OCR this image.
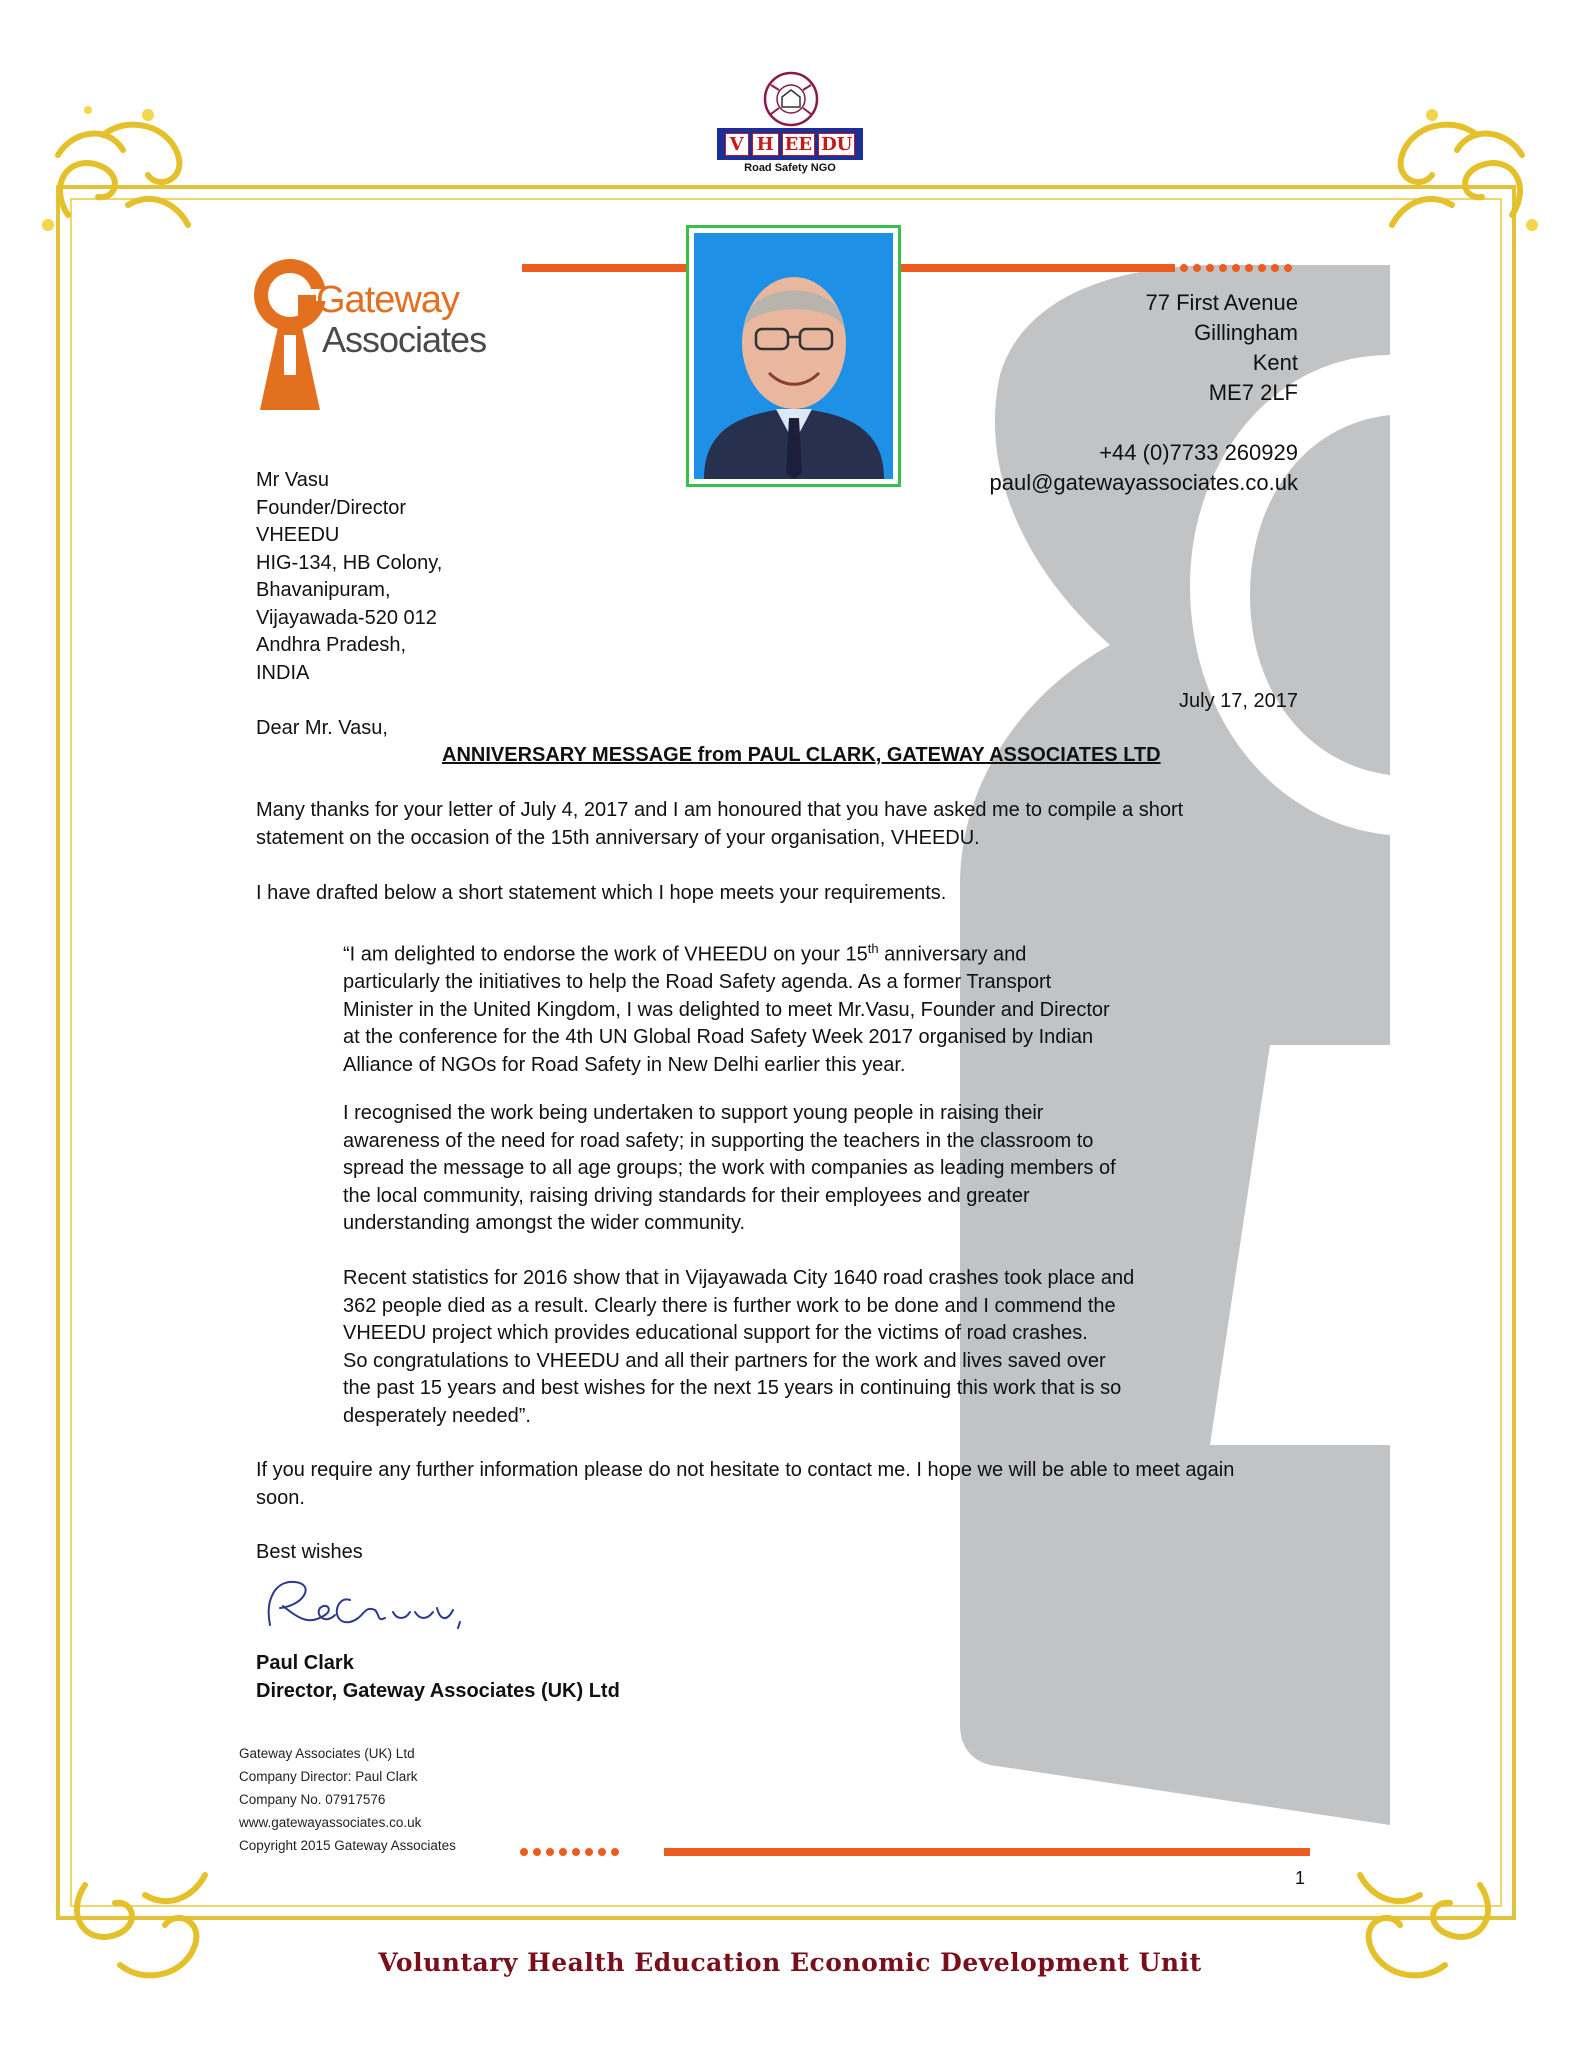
V H EE DU
Road Safety NGO
Gateway
Associates
77 First Avenue
Gillingham
Kent
ME7 2LF
+44 (0)7733 260929
paul@gatewayassociates.co.uk
Mr Vasu
Founder/Director
VHEEDU
HIG-134, HB Colony,
Bhavanipuram,
Vijayawada-520 012
Andhra Pradesh,
INDIA
July 17, 2017
Dear Mr. Vasu,
ANNIVERSARY MESSAGE from PAUL CLARK, GATEWAY ASSOCIATES LTD
Many thanks for your letter of July 4, 2017 and I am honoured that you have asked me to compile a short
statement on the occasion of the 15th anniversary of your organisation, VHEEDU.
I have drafted below a short statement which I hope meets your requirements.
“I am delighted to endorse the work of VHEEDU on your 15th anniversary and
particularly the initiatives to help the Road Safety agenda. As a former Transport
Minister in the United Kingdom, I was delighted to meet Mr.Vasu, Founder and Director
at the conference for the 4th UN Global Road Safety Week 2017 organised by Indian
Alliance of NGOs for Road Safety in New Delhi earlier this year.
I recognised the work being undertaken to support young people in raising their
awareness of the need for road safety; in supporting the teachers in the classroom to
spread the message to all age groups; the work with companies as leading members of
the local community, raising driving standards for their employees and greater
understanding amongst the wider community.
Recent statistics for 2016 show that in Vijayawada City 1640 road crashes took place and
362 people died as a result. Clearly there is further work to be done and I commend the
VHEEDU project which provides educational support for the victims of road crashes.
So congratulations to VHEEDU and all their partners for the work and lives saved over
the past 15 years and best wishes for the next 15 years in continuing this work that is so
desperately needed”.
If you require any further information please do not hesitate to contact me. I hope we will be able to meet again
soon.
Best wishes
Paul Clark
Director, Gateway Associates (UK) Ltd
Gateway Associates (UK) Ltd
Company Director: Paul Clark
Company No. 07917576
www.gatewayassociates.co.uk
Copyright 2015 Gateway Associates
1
Voluntary Health Education Economic Development Unit
